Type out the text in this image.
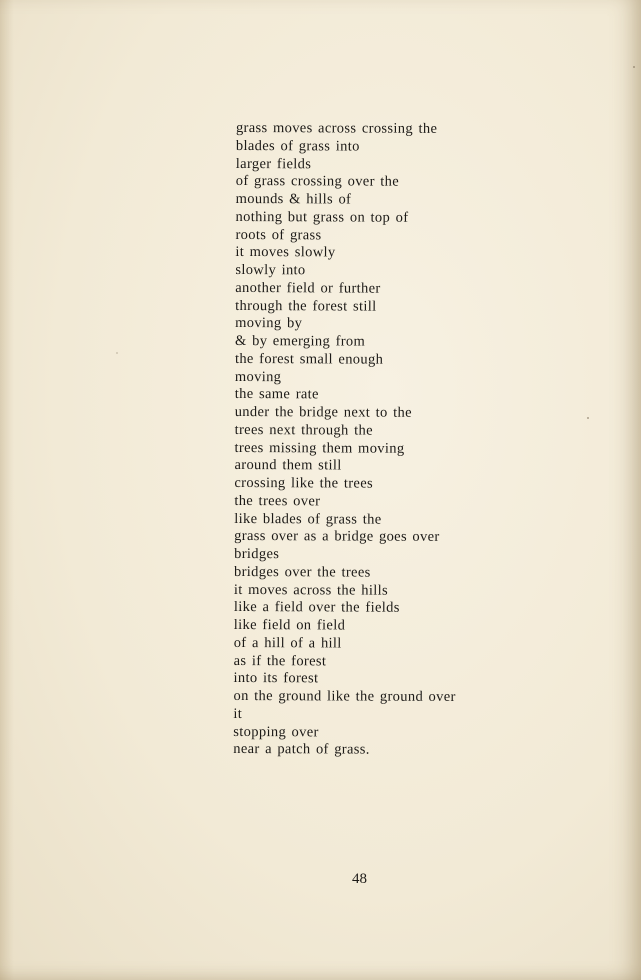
grass moves across crossing the
blades of grass into
larger fields
of grass crossing over the
mounds & hills of
nothing but grass on top of
roots of grass
it moves slowly
slowly into
another field or further
through the forest still
moving by
& by emerging from
the forest small enough
moving
the same rate
under the bridge next to the
trees next through the
trees missing them moving
around them still
crossing like the trees
the trees over
like blades of grass the
grass over as a bridge goes over
bridges
bridges over the trees
it moves across the hills
like a field over the fields
like field on field
of a hill of a hill
as if the forest
into its forest
on the ground like the ground over
it
stopping over
near a patch of grass.
48
